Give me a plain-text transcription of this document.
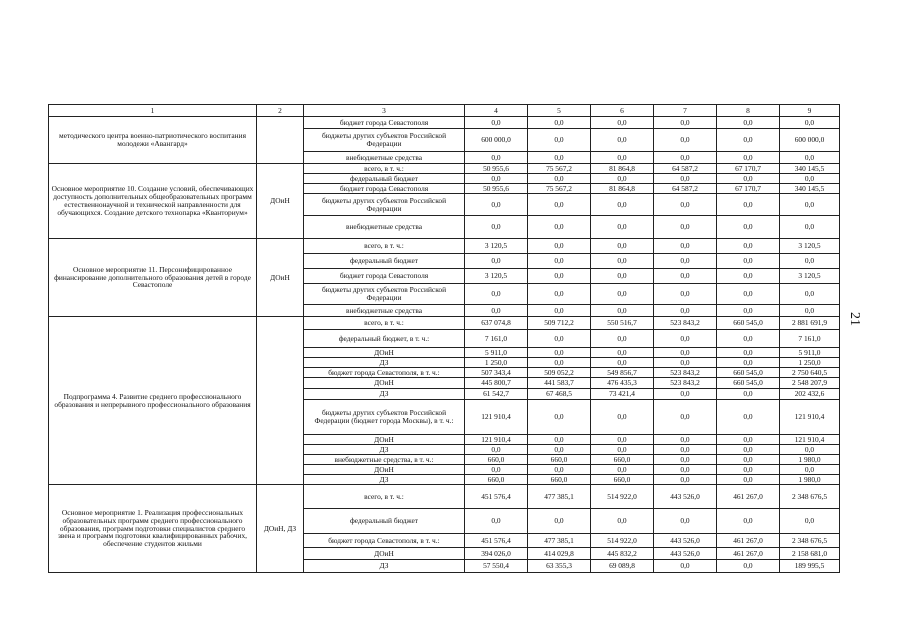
21
1	2	3	4	5	6	7	8	9
методического центра военно-патриотического воспитания молодежи «Авангард»		бюджет города Севастополя	0,0	0,0	0,0	0,0	0,0	0,0
		бюджеты других субъектов Российской Федерации	600 000,0	0,0	0,0	0,0	0,0	600 000,0
		внебюджетные средства	0,0	0,0	0,0	0,0	0,0	0,0
Основное мероприятие 10. Создание условий, обеспечивающих доступность дополнительных общеобразовательных программ естественнонаучной и технической направленности для обучающихся. Создание детского технопарка «Кванториум»	ДОиН	всего, в т. ч.:	50 955,6	75 567,2	81 864,8	64 587,2	67 170,7	340 145,5
		федеральный бюджет	0,0	0,0	0,0	0,0	0,0	0,0
		бюджет города Севастополя	50 955,6	75 567,2	81 864,8	64 587,2	67 170,7	340 145,5
		бюджеты других субъектов Российской Федерации	0,0	0,0	0,0	0,0	0,0	0,0
		внебюджетные средства	0,0	0,0	0,0	0,0	0,0	0,0
Основное мероприятие 11. Персонифицированное финансирование дополнительного образования детей в городе Севастополе	ДОиН	всего, в т. ч.:	3 120,5	0,0	0,0	0,0	0,0	3 120,5
		федеральный бюджет	0,0	0,0	0,0	0,0	0,0	0,0
		бюджет города Севастополя	3 120,5	0,0	0,0	0,0	0,0	3 120,5
		бюджеты других субъектов Российской Федерации	0,0	0,0	0,0	0,0	0,0	0,0
		внебюджетные средства	0,0	0,0	0,0	0,0	0,0	0,0
Подпрограмма 4. Развитие среднего профессионального образования и непрерывного профессионального образования		всего, в т. ч.:	637 074,8	509 712,2	550 516,7	523 843,2	660 545,0	2 881 691,9
		федеральный бюджет, в т. ч.:	7 161,0	0,0	0,0	0,0	0,0	7 161,0
		ДОиН	5 911,0	0,0	0,0	0,0	0,0	5 911,0
		ДЗ	1 250,0	0,0	0,0	0,0	0,0	1 250,0
		бюджет города Севастополя, в т. ч.:	507 343,4	509 052,2	549 856,7	523 843,2	660 545,0	2 750 640,5
		ДОиН	445 800,7	441 583,7	476 435,3	523 843,2	660 545,0	2 548 207,9
		ДЗ	61 542,7	67 468,5	73 421,4	0,0	0,0	202 432,6
		бюджеты других субъектов Российской Федерации (бюджет города Москвы), в т. ч.:	121 910,4	0,0	0,0	0,0	0,0	121 910,4
		ДОиН	121 910,4	0,0	0,0	0,0	0,0	121 910,4
		ДЗ	0,0	0,0	0,0	0,0	0,0	0,0
		внебюджетные средства, в т. ч.:	660,0	660,0	660,0	0,0	0,0	1 980,0
		ДОиН	0,0	0,0	0,0	0,0	0,0	0,0
		ДЗ	660,0	660,0	660,0	0,0	0,0	1 980,0
Основное мероприятие 1. Реализация профессиональных образовательных программ среднего профессионального образования, программ подготовки специалистов среднего звена и программ подготовки квалифицированных рабочих, обеспечение студентов жильми	ДОиН, ДЗ	всего, в т. ч.:	451 576,4	477 385,1	514 922,0	443 526,0	461 267,0	2 348 676,5
		федеральный бюджет	0,0	0,0	0,0	0,0	0,0	0,0
		бюджет города Севастополя, в т. ч.:	451 576,4	477 385,1	514 922,0	443 526,0	461 267,0	2 348 676,5
		ДОиН	394 026,0	414 029,8	445 832,2	443 526,0	461 267,0	2 158 681,0
		ДЗ	57 550,4	63 355,3	69 089,8	0,0	0,0	189 995,5
